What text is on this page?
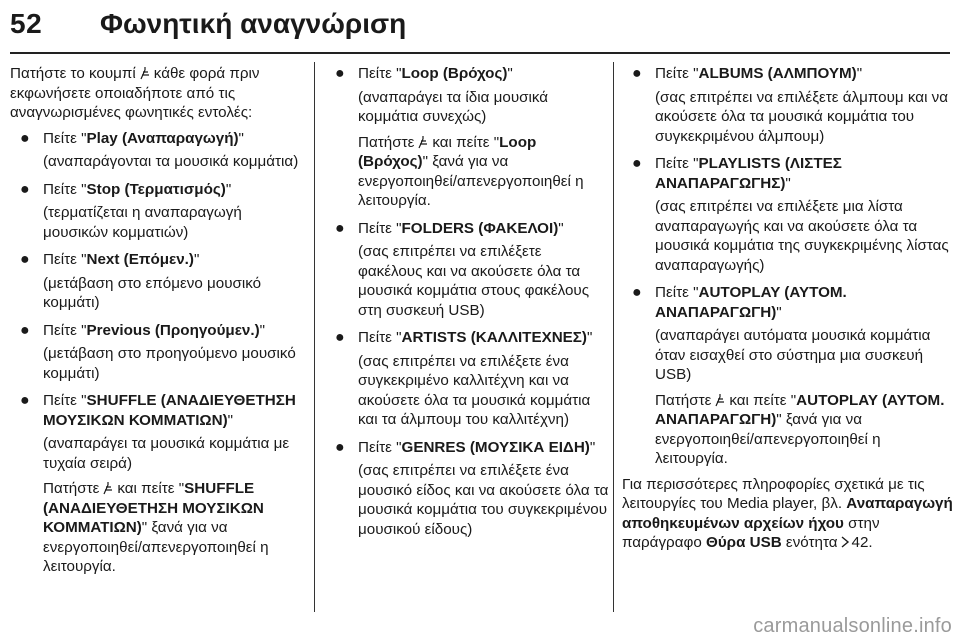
52 Φωνητική αναγνώριση

Πατήστε το κουμπί κάθε φορά πριν εκφωνήσετε οποιαδήποτε από τις αναγνωρισμένες φωνητικές εντολές:

● Πείτε "Play (Αναπαραγωγή)"

(αναπαράγονται τα μουσικά κομμάτια)

● Πείτε "Stop (Τερματισμός)"

(τερματίζεται η αναπαραγωγή μουσικών κομματιών)

● Πείτε "Next (Επόμεν.)"

(μετάβαση στο επόμενο μουσικό κομμάτι)

● Πείτε "Previous (Προηγούμεν.)"

(μετάβαση στο προηγούμενο μουσικό κομμάτι)

● Πείτε "SHUFFLE (ΑΝΑΔΙΕΥΘΕΤΗΣΗ ΜΟΥΣΙΚΩΝ ΚΟΜΜΑΤΙΩΝ)"

(αναπαράγει τα μουσικά κομμάτια με τυχαία σειρά)

Πατήστε και πείτε "SHUFFLE (ΑΝΑΔΙΕΥΘΕΤΗΣΗ ΜΟΥΣΙΚΩΝ ΚΟΜΜΑΤΙΩΝ)" ξανά για να ενεργοποιηθεί/απενεργοποιηθεί η λειτουργία.

● Πείτε "Loop (Βρόχος)"

(αναπαράγει τα ίδια μουσικά κομμάτια συνεχώς)

Πατήστε και πείτε "Loop (Βρόχος)" ξανά για να ενεργοποιηθεί/απενεργοποιηθεί η λειτουργία.

● Πείτε "FOLDERS (ΦΑΚΕΛΟΙ)"

(σας επιτρέπει να επιλέξετε φακέλους και να ακούσετε όλα τα μουσικά κομμάτια στους φακέλους στη συσκευή USB)

● Πείτε "ARTISTS (ΚΑΛΛΙΤΕΧΝΕΣ)"

(σας επιτρέπει να επιλέξετε ένα συγκεκριμένο καλλιτέχνη και να ακούσετε όλα τα μουσικά κομμάτια και τα άλμπουμ του καλλιτέχνη)

● Πείτε "GENRES (ΜΟΥΣΙΚΑ ΕΙΔΗ)"

(σας επιτρέπει να επιλέξετε ένα μουσικό είδος και να ακούσετε όλα τα μουσικά κομμάτια του συγκεκριμένου μουσικού είδους)

● Πείτε "ALBUMS (ΑΛΜΠΟΥΜ)"

(σας επιτρέπει να επιλέξετε άλμπουμ και να ακούσετε όλα τα μουσικά κομμάτια του συγκεκριμένου άλμπουμ)

● Πείτε "PLAYLISTS (ΛΙΣΤΕΣ ΑΝΑΠΑΡΑΓΩΓΗΣ)"

(σας επιτρέπει να επιλέξετε μια λίστα αναπαραγωγής και να ακούσετε όλα τα μουσικά κομμάτια της συγκεκριμένης λίστας αναπαραγωγής)

● Πείτε "AUTOPLAY (ΑΥΤΟΜ. ΑΝΑΠΑΡΑΓΩΓΗ)"

(αναπαράγει αυτόματα μουσικά κομμάτια όταν εισαχθεί στο σύστημα μια συσκευή USB)

Πατήστε και πείτε "AUTOPLAY (ΑΥΤΟΜ. ΑΝΑΠΑΡΑΓΩΓΗ)" ξανά για να ενεργοποιηθεί/απενεργοποιηθεί η λειτουργία.

Για περισσότερες πληροφορίες σχετικά με τις λειτουργίες του Media player, βλ. Αναπαραγωγή αποθηκευμένων αρχείων ήχου στην παράγραφο Θύρα USB ενότητα 42.

carmanualsonline.info
